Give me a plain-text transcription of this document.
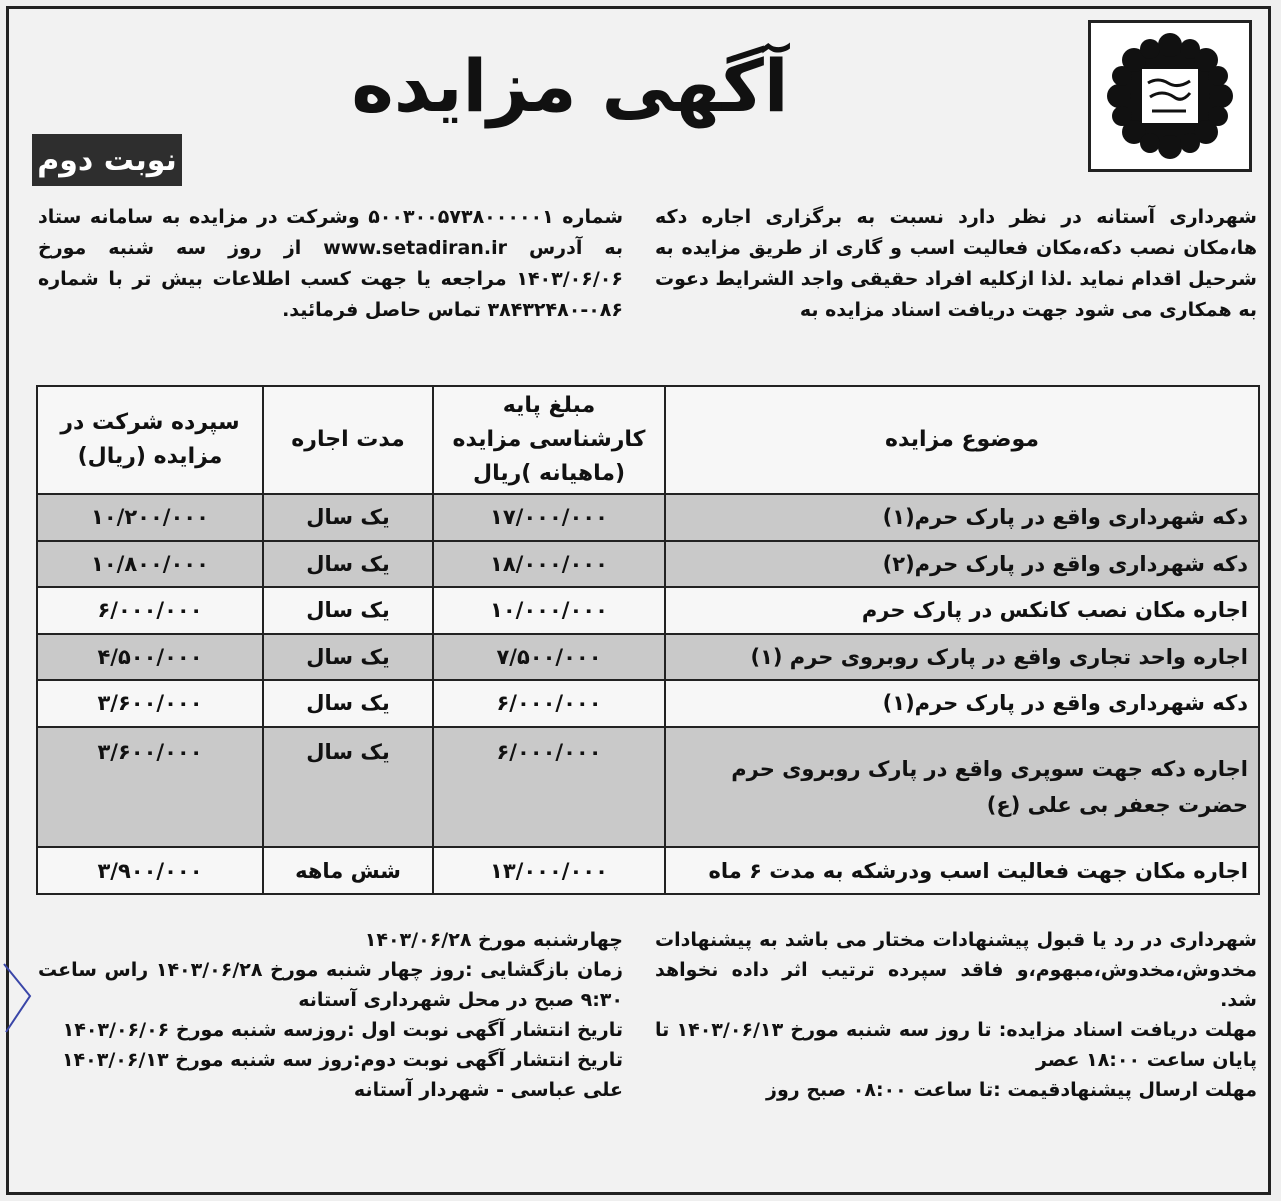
آگهی مزایده
نوبت دوم
شهرداری آستانه در نظر دارد نسبت به برگزاری اجاره دکه ها،مکان نصب دکه،مکان فعالیت اسب و گاری از طریق مزایده به شرحیل اقدام نماید .لذا ازکلیه افراد حقیقی واجد الشرایط دعوت به همکاری می شود جهت دریافت اسناد مزایده به
شماره ۵۰۰۳۰۰۵۷۳۸۰۰۰۰۰۱ وشرکت در مزایده به سامانه ستاد به آدرس www.setadiran.ir از روز سه شنبه مورخ ۱۴۰۳/۰۶/۰۶ مراجعه یا جهت کسب اطلاعات بیش تر با شماره ۰۸۶-۳۸۴۳۲۴۸۰ تماس حاصل فرمائید.
موضوع مزایده	مبلغ پایه کارشناسی مزایده (ماهیانه )ریال	مدت اجاره	سپرده شرکت در مزایده (ریال)
دکه شهرداری واقع در پارک حرم(۱)	۱۷/۰۰۰/۰۰۰	یک سال	۱۰/۲۰۰/۰۰۰
دکه شهرداری واقع در پارک حرم(۲)	۱۸/۰۰۰/۰۰۰	یک سال	۱۰/۸۰۰/۰۰۰
اجاره مکان نصب کانکس در پارک حرم	۱۰/۰۰۰/۰۰۰	یک سال	۶/۰۰۰/۰۰۰
اجاره واحد تجاری واقع در پارک روبروی حرم (۱)	۷/۵۰۰/۰۰۰	یک سال	۴/۵۰۰/۰۰۰
دکه شهرداری واقع در پارک حرم(۱)	۶/۰۰۰/۰۰۰	یک سال	۳/۶۰۰/۰۰۰
اجاره دکه جهت سوپری واقع در پارک روبروی حرم حضرت جعفر بی علی (ع)	۶/۰۰۰/۰۰۰	یک سال	۳/۶۰۰/۰۰۰
اجاره مکان جهت فعالیت اسب ودرشکه به مدت ۶ ماه	۱۳/۰۰۰/۰۰۰	شش ماهه	۳/۹۰۰/۰۰۰
شهرداری در رد یا قبول پیشنهادات مختار می باشد به پیشنهادات مخدوش،مخدوش،مبهوم،و فاقد سپرده ترتیب اثر داده نخواهد شد.
مهلت دریافت اسناد مزایده: تا روز سه شنبه مورخ ۱۴۰۳/۰۶/۱۳ تا پایان ساعت ۱۸:۰۰ عصر
مهلت ارسال پیشنهادقیمت :تا ساعت ۰۸:۰۰ صبح روز
چهارشنبه مورخ ۱۴۰۳/۰۶/۲۸
زمان بازگشایی :روز چهار شنبه مورخ ۱۴۰۳/۰۶/۲۸ راس ساعت ۹:۳۰ صبح در محل شهرداری آستانه
تاریخ انتشار آگهی نوبت اول :روزسه شنبه مورخ ۱۴۰۳/۰۶/۰۶
تاریخ انتشار آگهی نوبت دوم:روز سه شنبه مورخ ۱۴۰۳/۰۶/۱۳
علی عباسی - شهردار آستانه
